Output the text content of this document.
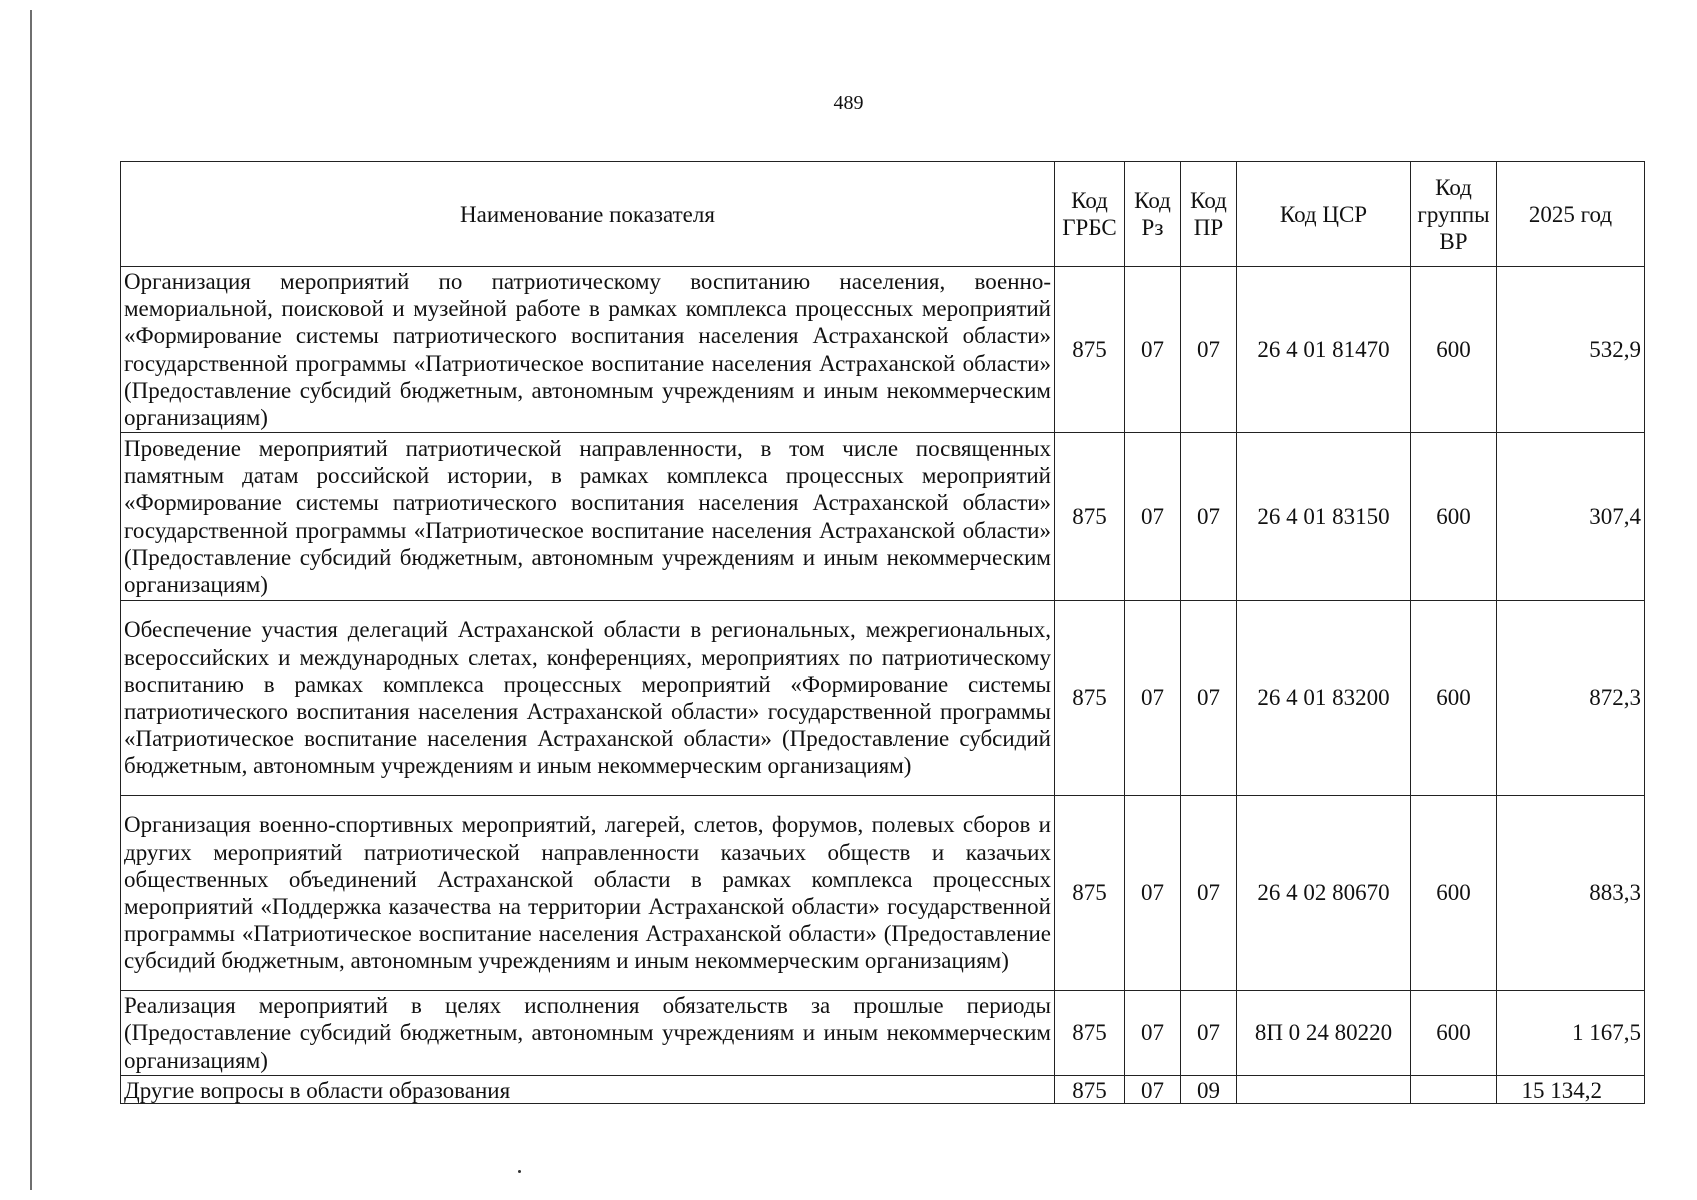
489
Наименование показателя	Код ГРБС	Код Рз	Код ПР	Код ЦСР	Код группы ВР	2025 год
Организация мероприятий по патриотическому воспитанию населения, военно-мемориальной, поисковой и музейной работе в рамках комплекса процессных мероприятий «Формирование системы патриотического воспитания населения Астраханской области» государственной программы «Патриотическое воспитание населения Астраханской области» (Предоставление субсидий бюджетным, автономным учреждениям и иным некоммерческим организациям)	875	07	07	26 4 01 81470	600	532,9
Проведение мероприятий патриотической направленности, в том числе посвященных памятным датам российской истории, в рамках комплекса процессных мероприятий «Формирование системы патриотического воспитания населения Астраханской области» государственной программы «Патриотическое воспитание населения Астраханской области» (Предоставление субсидий бюджетным, автономным учреждениям и иным некоммерческим организациям)	875	07	07	26 4 01 83150	600	307,4
Обеспечение участия делегаций Астраханской области в региональных, межрегиональных, всероссийских и международных слетах, конференциях, мероприятиях по патриотическому воспитанию в рамках комплекса процессных мероприятий «Формирование системы патриотического воспитания населения Астраханской области» государственной программы «Патриотическое воспитание населения Астраханской области» (Предоставление субсидий бюджетным, автономным учреждениям и иным некоммерческим организациям)	875	07	07	26 4 01 83200	600	872,3
Организация военно-спортивных мероприятий, лагерей, слетов, форумов, полевых сборов и других мероприятий патриотической направленности казачьих обществ и казачьих общественных объединений Астраханской области в рамках комплекса процессных мероприятий «Поддержка казачества на территории Астраханской области» государственной программы «Патриотическое воспитание населения Астраханской области» (Предоставление субсидий бюджетным, автономным учреждениям и иным некоммерческим организациям)	875	07	07	26 4 02 80670	600	883,3
Реализация мероприятий в целях исполнения обязательств за прошлые периоды (Предоставление субсидий бюджетным, автономным учреждениям и иным некоммерческим организациям)	875	07	07	8П 0 24 80220	600	1 167,5
Другие вопросы в области образования	875	07	09			15 134,2
